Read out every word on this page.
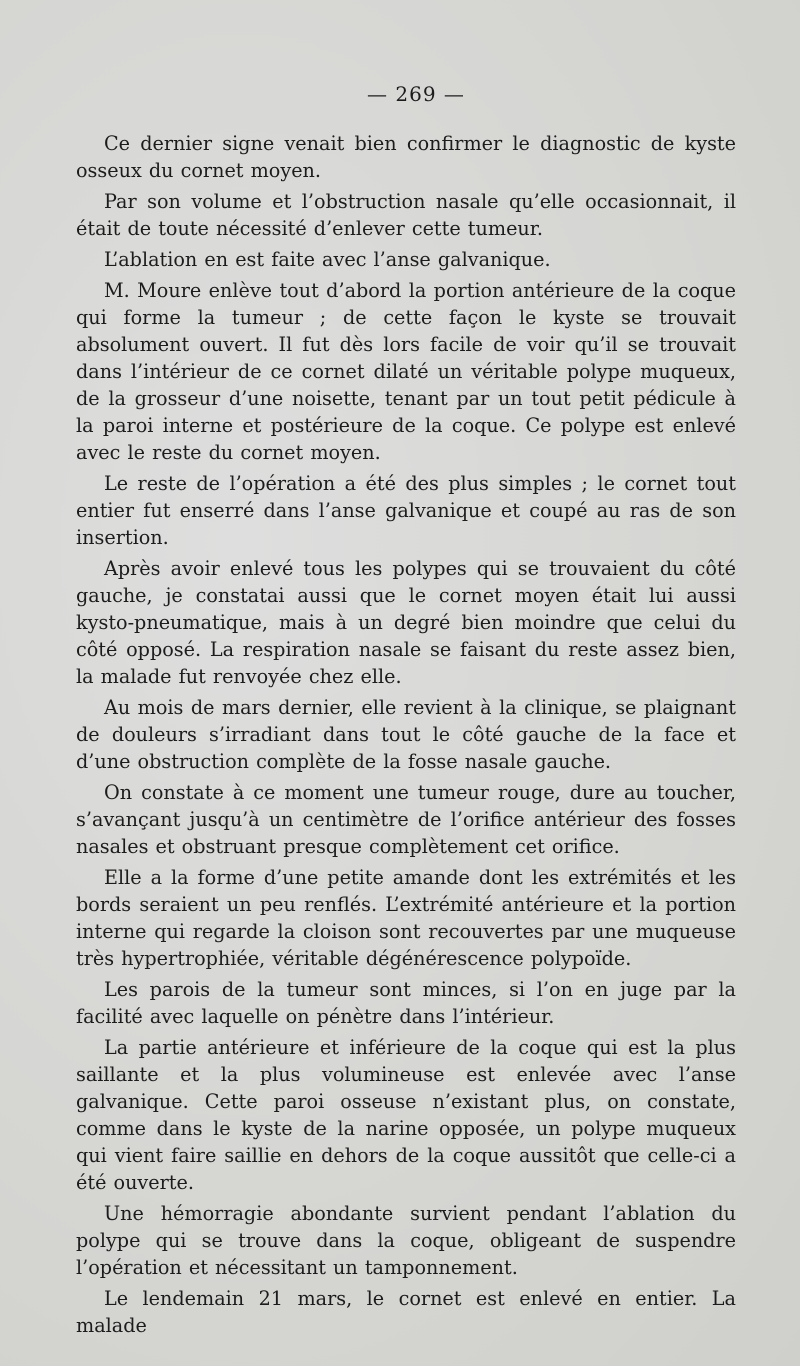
— 269 —

Ce dernier signe venait bien confirmer le diagnostic de kyste osseux du cornet moyen.

Par son volume et l’obstruction nasale qu’elle occasionnait, il était de toute nécessité d’enlever cette tumeur.

L’ablation en est faite avec l’anse galvanique.

M. Moure enlève tout d’abord la portion antérieure de la coque qui forme la tumeur ; de cette façon le kyste se trouvait absolument ouvert. Il fut dès lors facile de voir qu’il se trouvait dans l’intérieur de ce cornet dilaté un véritable polype muqueux, de la grosseur d’une noisette, tenant par un tout petit pédicule à la paroi interne et postérieure de la coque. Ce polype est enlevé avec le reste du cornet moyen.

Le reste de l’opération a été des plus simples ; le cornet tout entier fut enserré dans l’anse galvanique et coupé au ras de son insertion.

Après avoir enlevé tous les polypes qui se trouvaient du côté gauche, je constatai aussi que le cornet moyen était lui aussi kysto-pneumatique, mais à un degré bien moindre que celui du côté opposé. La respiration nasale se faisant du reste assez bien, la malade fut renvoyée chez elle.

Au mois de mars dernier, elle revient à la clinique, se plaignant de douleurs s’irradiant dans tout le côté gauche de la face et d’une obstruction complète de la fosse nasale gauche.

On constate à ce moment une tumeur rouge, dure au toucher, s’avançant jusqu’à un centimètre de l’orifice antérieur des fosses nasales et obstruant presque complètement cet orifice.

Elle a la forme d’une petite amande dont les extrémités et les bords seraient un peu renflés. L’extrémité antérieure et la portion interne qui regarde la cloison sont recouvertes par une muqueuse très hypertrophiée, véritable dégénérescence polypoïde.

Les parois de la tumeur sont minces, si l’on en juge par la facilité avec laquelle on pénètre dans l’intérieur.

La partie antérieure et inférieure de la coque qui est la plus saillante et la plus volumineuse est enlevée avec l’anse galvanique. Cette paroi osseuse n’existant plus, on constate, comme dans le kyste de la narine opposée, un polype muqueux qui vient faire saillie en dehors de la coque aussitôt que celle-ci a été ouverte.

Une hémorragie abondante survient pendant l’ablation du polype qui se trouve dans la coque, obligeant de suspendre l’opération et nécessitant un tamponnement.

Le lendemain 21 mars, le cornet est enlevé en entier. La malade
